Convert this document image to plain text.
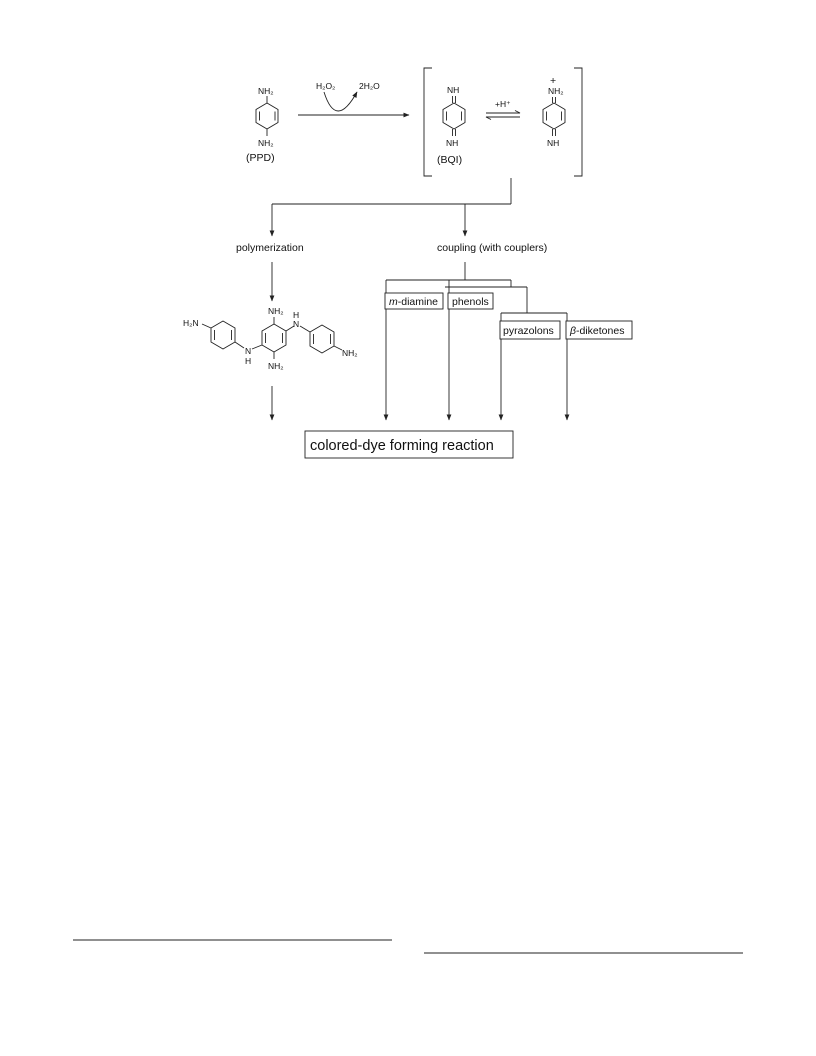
NH₂
NH₂
(PPD)
H₂O₂	2H₂O	NH
NH
(BQI)
+H⁺
+
NH₂
NH
polymerization	coupling (with couplers)
NH₂
NH₂
N
H
H₂N
H
N
NH₂
m-diamine phenols
pyrazolons β-diketones
colored-dye forming reaction
